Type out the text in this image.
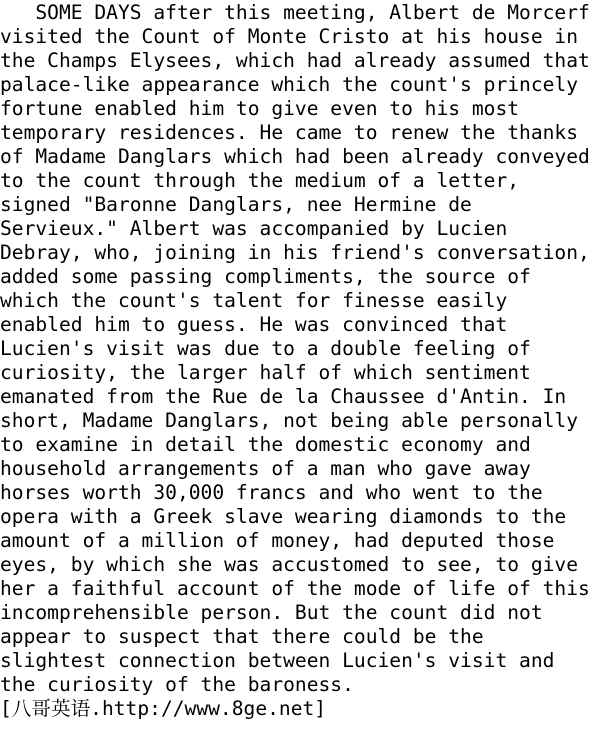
SOME DAYS after this meeting, Albert de Morcerf
visited the Count of Monte Cristo at his house in
the Champs Elysees, which had already assumed that
palace-like appearance which the count's princely
fortune enabled him to give even to his most
temporary residences. He came to renew the thanks
of Madame Danglars which had been already conveyed
to the count through the medium of a letter,
signed "Baronne Danglars, nee Hermine de
Servieux." Albert was accompanied by Lucien
Debray, who, joining in his friend's conversation,
added some passing compliments, the source of
which the count's talent for finesse easily
enabled him to guess. He was convinced that
Lucien's visit was due to a double feeling of
curiosity, the larger half of which sentiment
emanated from the Rue de la Chaussee d'Antin. In
short, Madame Danglars, not being able personally
to examine in detail the domestic economy and
household arrangements of a man who gave away
horses worth 30,000 francs and who went to the
opera with a Greek slave wearing diamonds to the
amount of a million of money, had deputed those
eyes, by which she was accustomed to see, to give
her a faithful account of the mode of life of this
incomprehensible person. But the count did not
appear to suspect that there could be the
slightest connection between Lucien's visit and
the curiosity of the baroness.
[八哥英语.http://www.8ge.net]
